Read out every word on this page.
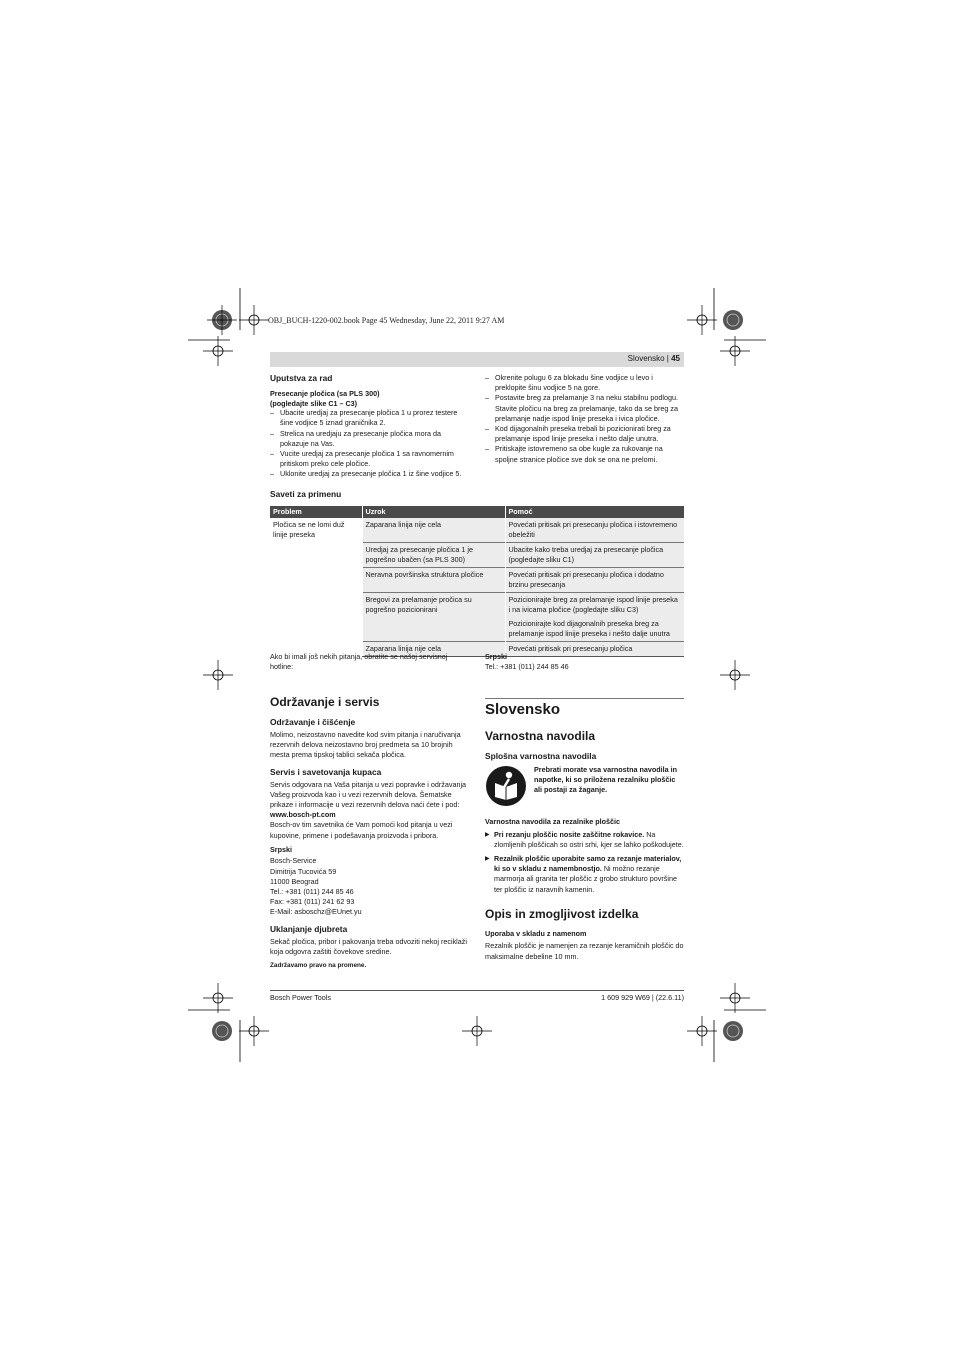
OBJ_BUCH-1220-002.book Page 45 Wednesday, June 22, 2011 9:27 AM
Slovensko | 45
Uputstva za rad
Presecanje pločica (sa PLS 300)
(pogledajte slike C1 – C3)
– Ubacite uredjaj za presecanje pločica 1 u prorez testere šine vodjice 5 iznad graničnika 2.
– Strelica na uredjaju za presecanje pločica mora da pokazuje na Vas.
– Vucite uredjaj za presecanje pločica 1 sa ravnomernim pritiskom preko cele pločice.
– Uklonite uredjaj za presecanje pločica 1 iz šine vodjice 5.
– Okrenite polugu 6 za blokadu šine vodjice u levo i preklopite šinu vodjice 5 na gore.
– Postavite breg za prelamanje 3 na neku stabilnu podlogu. Stavite pločicu na breg za prelamanje, tako da se breg za prelamanje nadje ispod linije preseka i ivica pločice.
– Kod dijagonalnih preseka trebali bi pozicionirati breg za prelamanje ispod linije preseka i nešto dalje unutra.
– Pritiskajte istovremeno sa obe kugle za rukovanje na spoljne stranice pločice sve dok se ona ne prelomi.
Saveti za primenu
Problem	Uzrok	Pomoć
Pločica se ne lomi duž linije preseka	Zaparana linija nije cela	Povećati pritisak pri presecanju pločica i istovremeno obeležiti
	Uredjaj za presecanje pločica 1 je pogrešno ubačen (sa PLS 300)	Ubacite kako treba uredjaj za presecanje pločica (pogledajte sliku C1)
	Neravna površinska struktura pločice	Povećati pritisak pri presecanju pločica i dodatno brzinu presecanja
	Bregovi za prelamanje pročica su pogrešno pozicionirani	Pozicionirajte breg za prelamanje ispod linije preseka i na ivicama pločice (pogledajte sliku C3)
		Pozicionirajte kod dijagonalnih preseka breg za prelamanje ispod linije preseka i nešto dalje unutra
	Zaparana linija nije cela	Povećati pritisak pri presecanju pločica
Ako bi imali još nekih pitanja, obratite se našoj servisnoj hotline:
Srpski
Tel.: +381 (011) 244 85 46
Održavanje i servis
Održavanje i čišćenje

Molimo, neizostavno navedite kod svim pitanja i naručivanja rezervnih delova neizostavno broj predmeta sa 10 brojnih mesta prema tipskoj tablici sekača pločica.

Servis i savetovanja kupaca

Servis odgovara na Vaša pitanja u vezi popravke i održavanja Vašeg proizvoda kao i u vezi rezervnih delova. Šematske prikaze i informacije u vezi rezervnih delova naći ćete i pod:

www.bosch-pt.com

Bosch-ov tim savetnika će Vam pomoći kod pitanja u vezi kupovine, primene i podešavanja proizvoda i pribora.

Srpski
Bosch-Service
Dimitrija Tucovića 59
11000 Beograd
Tel.: +381 (011) 244 85 46
Fax: +381 (011) 241 62 93
E-Mail: asboschz@EUnet.yu
Uklanjanje djubreta

Sekač pločica, pribor i pakovanja treba odvoziti nekoj reciklaži koja odgovra zaštiti čovekove sredine.

Zadržavamo pravo na promene.

Slovensko
Varnostna navodila
Splošna varnostna navodila

Prebrati morate vsa varnostna navodila in napotke, ki so priložena rezalniku ploščic ali postaji za žaganje.

Varnostna navodila za rezalnike ploščic
▶ Pri rezanju ploščic nosite zaščitne rokavice. Na zlomljenih ploščicah so ostri srhi, kjer se lahko poškodujete.
▶ Rezalnik ploščic uporabite samo za rezanje materialov, ki so v skladu z namembnostjo. Ni možno rezanje marmorja ali granita ter ploščic z grobo strukturo površine ter ploščic iz naravnih kamenin.
Opis in zmogljivost izdelka
Uporaba v skladu z namenom

Rezalnik ploščic je namenjen za rezanje keramičnih ploščic do maksimalne debeline 10 mm.

Bosch Power Tools	1 609 929 W69 | (22.6.11)
